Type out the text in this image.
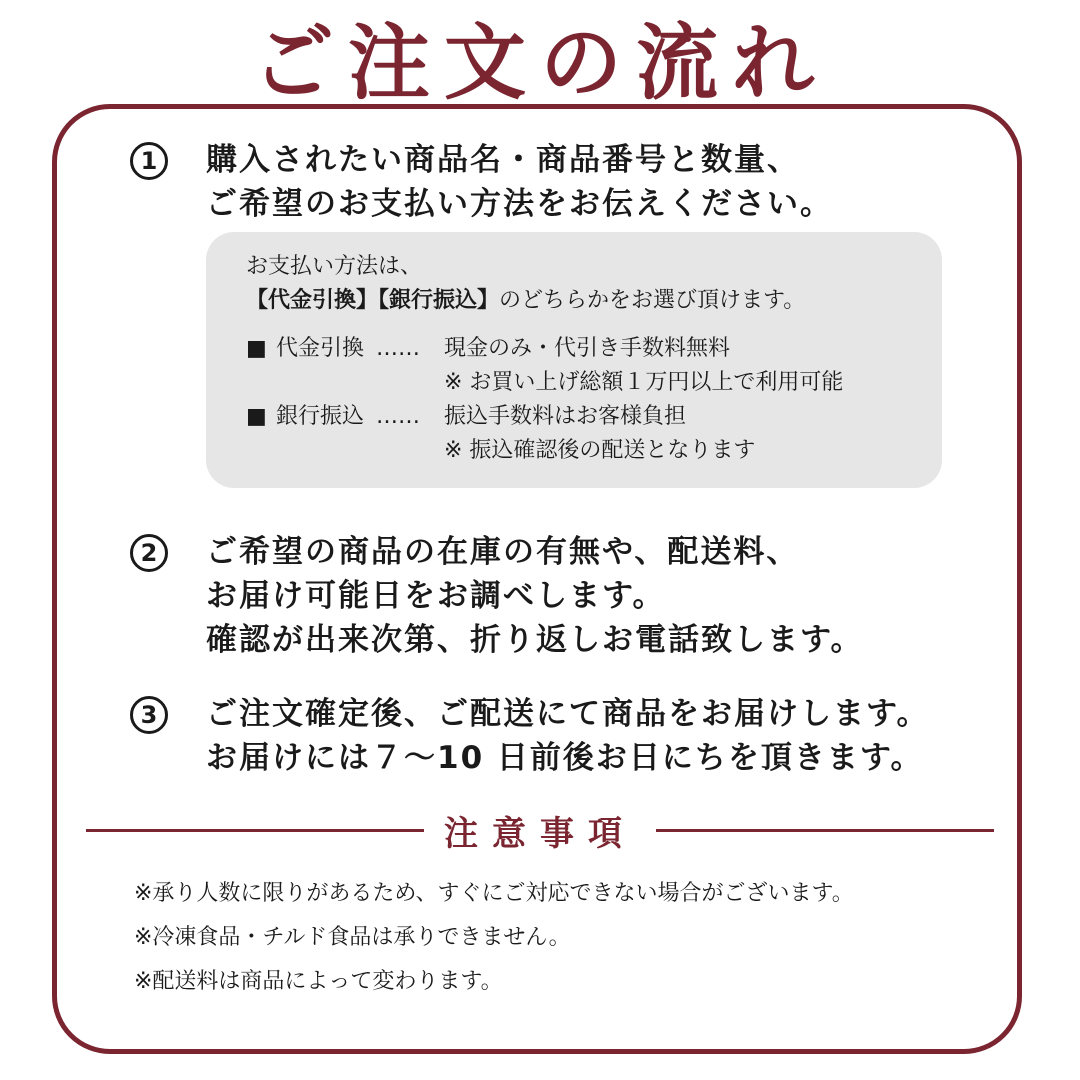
ご注文の流れ
1	購入されたい商品名・商品番号と数量、
ご希望のお支払い方法をお伝えください。
お支払い方法は、
【代金引換】【銀行振込】のどちらかをお選び頂けます。
■ 代金引換 ……	現金のみ・代引き手数料無料
※ お買い上げ総額１万円以上で利用可能
■ 銀行振込 ……	振込手数料はお客様負担
※ 振込確認後の配送となります
2	ご希望の商品の在庫の有無や、配送料、
お届け可能日をお調べします。
確認が出来次第、折り返しお電話致します。
3	ご注文確定後、ご配送にて商品をお届けします。
お届けには７～10 日前後お日にちを頂きます。
注意事項
※承り人数に限りがあるため、すぐにご対応できない場合がございます。
※冷凍食品・チルド食品は承りできません。
※配送料は商品によって変わります。
